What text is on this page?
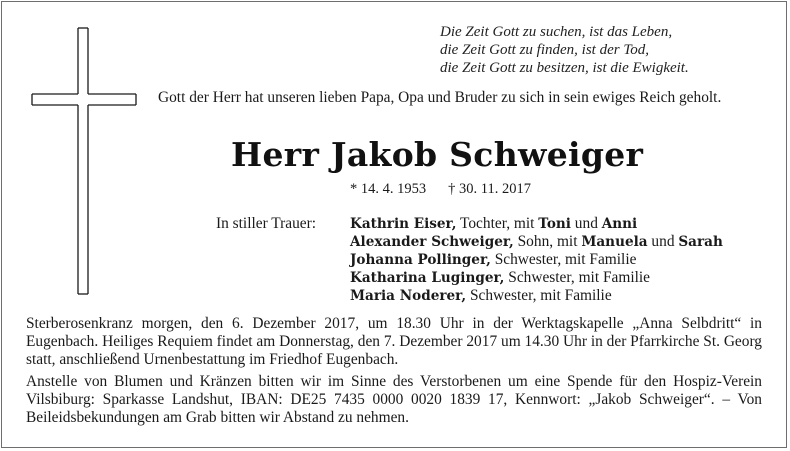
Die Zeit Gott zu suchen, ist das Leben,
die Zeit Gott zu finden, ist der Tod,
die Zeit Gott zu besitzen, ist die Ewigkeit.
Gott der Herr hat unseren lieben Papa, Opa und Bruder zu sich in sein ewiges Reich geholt.
Herr Jakob Schweiger
* 14. 4. 1953 † 30. 11. 2017
In stiller Trauer: Kathrin Eiser, Tochter, mit Toni und Anni
Alexander Schweiger, Sohn, mit Manuela und Sarah
Johanna Pollinger, Schwester, mit Familie
Katharina Luginger, Schwester, mit Familie
Maria Noderer, Schwester, mit Familie
Sterberosenkranz morgen, den 6. Dezember 2017, um 18.30 Uhr in der Werktagskapelle „Anna Selbdritt“ in Eugenbach. Heiliges Requiem findet am Donnerstag, den 7. Dezember 2017 um 14.30 Uhr in der Pfarrkirche St. Georg statt, anschließend Urnenbestattung im Friedhof Eugenbach.
Anstelle von Blumen und Kränzen bitten wir im Sinne des Verstorbenen um eine Spende für den Hospiz-Verein Vilsbiburg: Sparkasse Landshut, IBAN: DE25 7435 0000 0020 1839 17, Kennwort: „Jakob Schweiger“. – Von Beileidsbekundungen am Grab bitten wir Abstand zu nehmen.
